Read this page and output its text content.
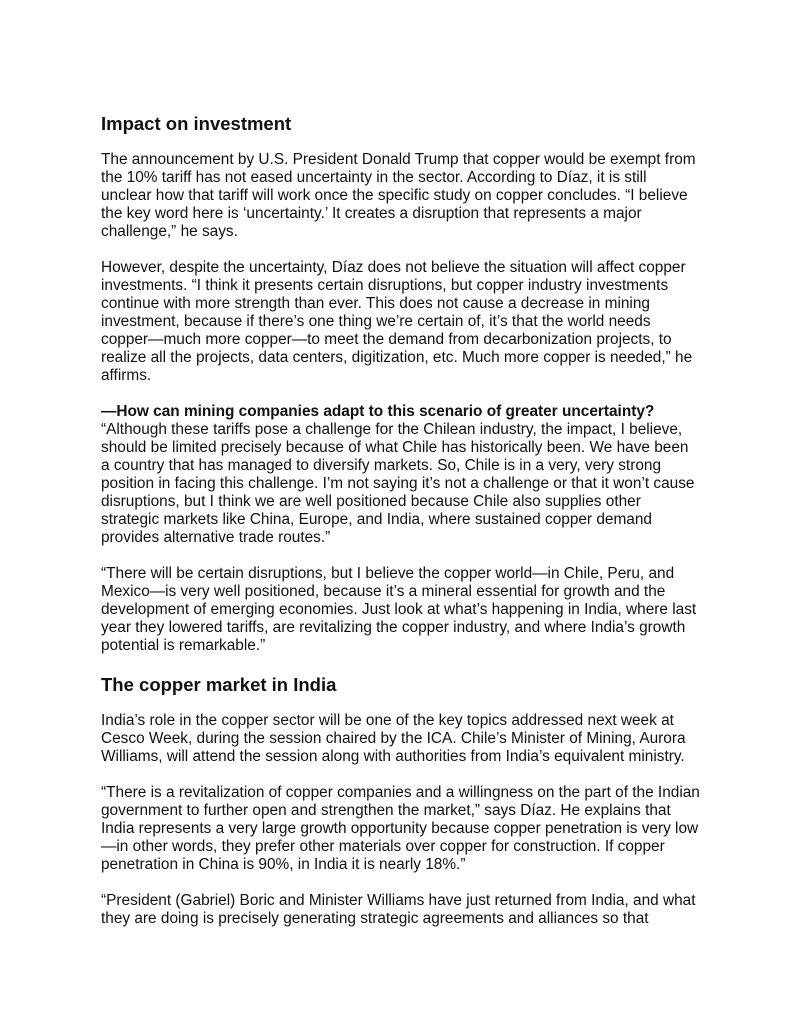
Impact on investment
The announcement by U.S. President Donald Trump that copper would be exempt from
the 10% tariff has not eased uncertainty in the sector. According to Díaz, it is still
unclear how that tariff will work once the specific study on copper concludes. “I believe
the key word here is ‘uncertainty.’ It creates a disruption that represents a major
challenge,” he says.
However, despite the uncertainty, Díaz does not believe the situation will affect copper
investments. “I think it presents certain disruptions, but copper industry investments
continue with more strength than ever. This does not cause a decrease in mining
investment, because if there’s one thing we’re certain of, it’s that the world needs
copper—much more copper—to meet the demand from decarbonization projects, to
realize all the projects, data centers, digitization, etc. Much more copper is needed,” he
affirms.
—How can mining companies adapt to this scenario of greater uncertainty?
“Although these tariffs pose a challenge for the Chilean industry, the impact, I believe,
should be limited precisely because of what Chile has historically been. We have been
a country that has managed to diversify markets. So, Chile is in a very, very strong
position in facing this challenge. I’m not saying it’s not a challenge or that it won’t cause
disruptions, but I think we are well positioned because Chile also supplies other
strategic markets like China, Europe, and India, where sustained copper demand
provides alternative trade routes.”
“There will be certain disruptions, but I believe the copper world—in Chile, Peru, and
Mexico—is very well positioned, because it’s a mineral essential for growth and the
development of emerging economies. Just look at what’s happening in India, where last
year they lowered tariffs, are revitalizing the copper industry, and where India’s growth
potential is remarkable.”
The copper market in India
India’s role in the copper sector will be one of the key topics addressed next week at
Cesco Week, during the session chaired by the ICA. Chile’s Minister of Mining, Aurora
Williams, will attend the session along with authorities from India’s equivalent ministry.
“There is a revitalization of copper companies and a willingness on the part of the Indian
government to further open and strengthen the market,” says Díaz. He explains that
India represents a very large growth opportunity because copper penetration is very low
—in other words, they prefer other materials over copper for construction. If copper
penetration in China is 90%, in India it is nearly 18%.”
“President (Gabriel) Boric and Minister Williams have just returned from India, and what
they are doing is precisely generating strategic agreements and alliances so that
